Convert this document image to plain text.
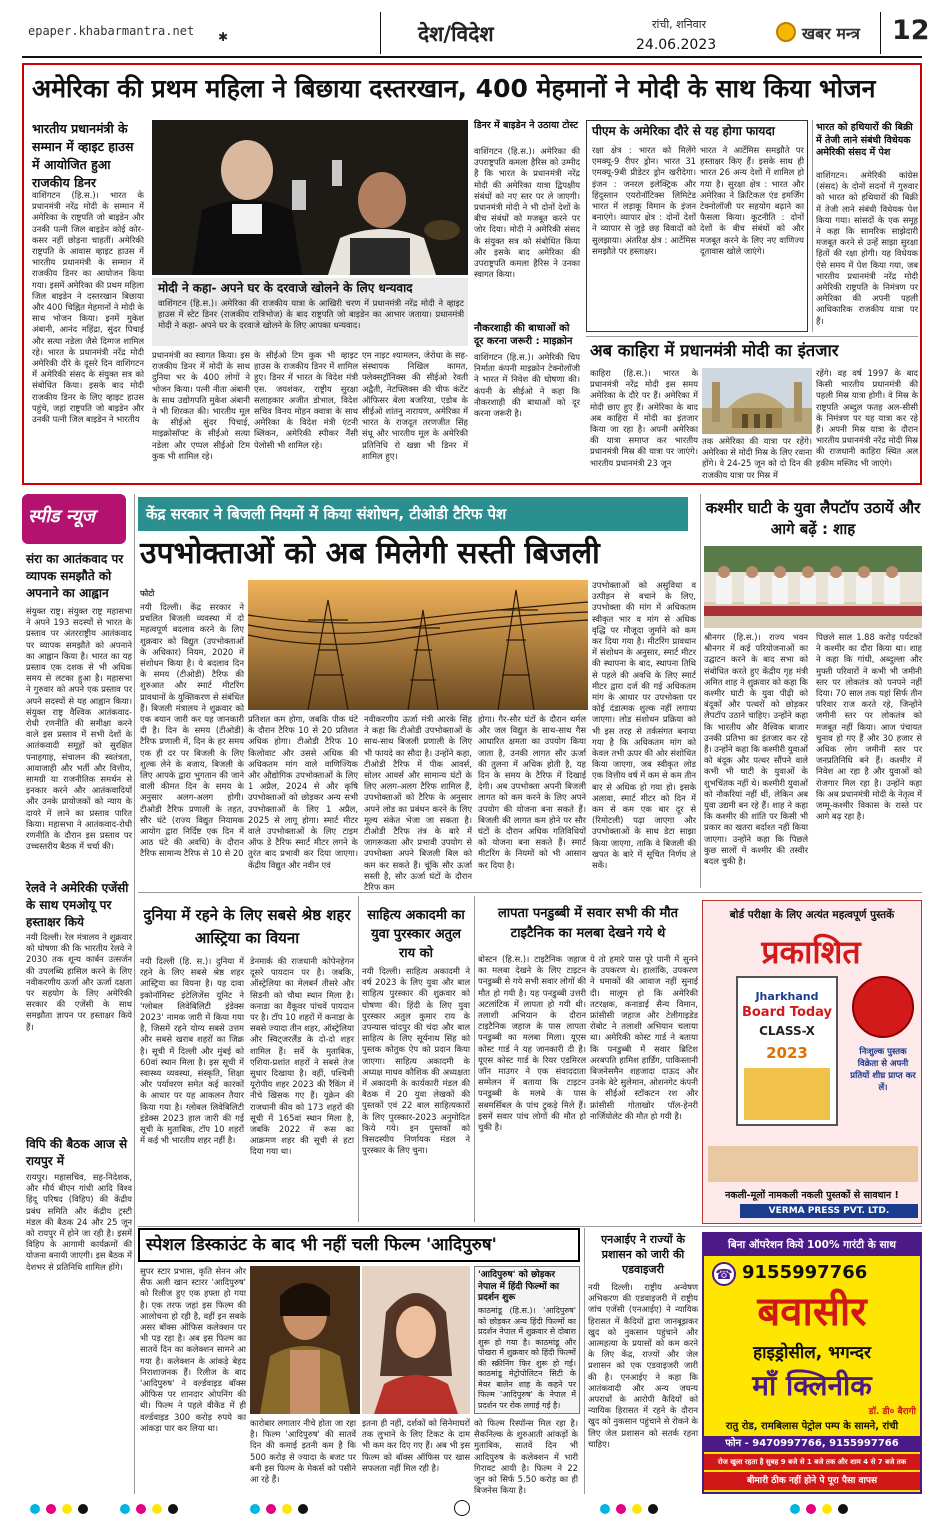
epaper.khabarmantra.net ✱	देश/विदेश	रांची, शनिवार
24.06.2023
खबर मन्त्र 12
अमेरिका की प्रथम महिला ने बिछाया दस्तरखान, 400 मेहमानों ने मोदी के साथ किया भोजन
भारतीय प्रधानमंत्री के सम्मान में व्हाइट हाउस में आयोजित हुआ राजकीय डिनर
वाशिंगटन (हि.स.)। भारत के प्रधानमंत्री नरेंद्र मोदी के सम्मान में अमेरिका के राष्ट्रपति जो बाइडेन और उनकी पत्नी जिल बाइडेन कोई कोर-कसर नहीं छोड़ना चाहतीं। अमेरिकी राष्ट्रपति के आवास व्हाइट हाउस में भारतीय प्रधानमंत्री के सम्मान में राजकीय डिनर का आयोजन किया गया। इसमें अमेरिका की प्रथम महिला जिल बाइडेन ने दस्तरखान बिछाया और 400 चिह्नित मेहमानों ने मोदी के साथ भोजन किया। इनमें मुकेश अंबानी, आनंद महिंद्रा, सुंदर पिचाई और सत्या नडेला जैसे दिग्गज शामिल रहे। भारत के प्रधानमंत्री नरेंद्र मोदी अमेरिकी दौरे के दूसरे दिन वाशिंगटन में अमेरिकी संसद के संयुक्त सत्र को संबोधित किया। इसके बाद मोदी राजकीय डिनर के लिए व्हाइट हाउस पहुंचे, जहां राष्ट्रपति जो बाइडेन और उनकी पत्नी जिल बाइडेन ने भारतीय
मोदी ने कहा- अपने घर के दरवाजे खोलने के लिए धन्यवाद
वाशिंगटन (हि.स.)। अमेरिका की राजकीय यात्रा के आखिरी चरण में प्रधानमंत्री नरेंद्र मोदी ने व्हाइट हाउस में स्टेट डिनर (राजकीय रात्रिभोज) के बाद राष्ट्रपति जो बाइडेन का आभार जताया। प्रधानमंत्री मोदी ने कहा- अपने घर के दरवाजे खोलने के लिए आपका धन्यवाद।
प्रधानमंत्री का स्वागत किया। इस राजकीय डिनर में मोदी के साथ दुनिया भर के 400 लोगों ने भोजन किया। पत्नी नीता अंबानी के साथ उद्योगपति मुकेश अंबानी ने भी शिरकत की। भारतीय मूल के सीईओ सुंदर पिचाई, माइक्रोसॉफ्ट के सीईओ सत्या नडेला और एप्पल सीईओ टिम कुक भी शामिल रहे।
के सीईओ टिम कुक भी व्हाइट हाउस के राजकीय डिनर में शामिल हुए। डिनर में भारत के विदेश मंत्री एस. जयशंकर, राष्ट्रीय सुरक्षा सलाहकार अजीत डोभाल, विदेश सचिव विनय मोहन क्वात्रा के साथ अमेरिका के विदेश मंत्री एंटनी ब्लिंकन, अमेरिकी स्पीकर नैंसी पेलोसी भी शामिल रहे।
एम नाइट श्यामलन, जेरोधा के सह-संस्थापक निखिल कामत, फ्लेक्सट्रॉनिक्स की सीईओ रेवती अद्वैती, नेटफ्लिक्स की चीफ कंटेंट ऑफिसर बेला बजरिया, एडोब के सीईओ शांतनु नारायण, अमेरिका में भारत के राजदूत तरणजीत सिंह संधू और भारतीय मूल के अमेरिकी प्रतिनिधि रो खन्ना भी डिनर में शामिल हुए।
डिनर में बाइडेन ने उठाया टोस्ट
वाशिंगटन (हि.स.)। अमेरिका की उपराष्ट्रपति कमला हैरिस को उम्मीद है कि भारत के प्रधानमंत्री नरेंद्र मोदी की अमेरिका यात्रा द्विपक्षीय संबंधों को नए स्तर पर ले जाएगी। प्रधानमंत्री मोदी ने भी दोनों देशों के बीच संबंधों को मजबूत करने पर जोर दिया। मोदी ने अमेरिकी संसद के संयुक्त सत्र को संबोधित किया और इसके बाद अमेरिका की उपराष्ट्रपति कमला हैरिस ने उनका स्वागत किया।
नौकरशाही की बाधाओं को दूर करना जरूरी : माइक्रोन
वाशिंगटन (हि.स.)। अमेरिकी चिप निर्माता कंपनी माइक्रोन टेक्नोलॉजी ने भारत में निवेश की घोषणा की। कंपनी के सीईओ ने कहा कि नौकरशाही की बाधाओं को दूर करना जरूरी है।
पीएम के अमेरिका दौरे से यह होगा फायदा
रक्षा क्षेत्र : भारत को मिलेंगे एमक्यू-9 रीपर ड्रोन। भारत 31 एमक्यू-9बी प्रीडेटर ड्रोन खरीदेगा। इंजन : जनरल इलेक्ट्रिक और हिंदुस्तान एयरोनॉटिक्स लिमिटेड भारत में लड़ाकू विमान के इंजन बनाएंगे। व्यापार क्षेत्र : दोनों देशों ने व्यापार से जुड़े छह विवादों को सुलझाया। अंतरिक्ष क्षेत्र : आर्टेमिस समझौते पर हस्ताक्षर।
भारत ने आर्टेमिस समझौते पर हस्ताक्षर किए हैं। इसके साथ ही भारत 26 अन्य देशों में शामिल हो गया है। सुरक्षा क्षेत्र : भारत और अमेरिका ने क्रिटिकल एंड इमर्जिंग टेक्नोलॉजी पर सहयोग बढ़ाने का फैसला किया। कूटनीति : दोनों देशों के बीच संबंधों को और मजबूत करने के लिए नए वाणिज्य दूतावास खोले जाएंगे।
भारत को हथियारों की बिक्री में तेजी लाने संबंधी विधेयक अमेरिकी संसद में पेश
वाशिंगटन। अमेरिकी कांग्रेस (संसद) के दोनों सदनों में गुरुवार को भारत को हथियारों की बिक्री में तेजी लाने संबंधी विधेयक पेश किया गया। सांसदों के एक समूह ने कहा कि सामरिक साझेदारी मजबूत करने से उन्हें साझा सुरक्षा हितों की रक्षा होगी। यह विधेयक ऐसे समय में पेश किया गया, जब भारतीय प्रधानमंत्री नरेंद्र मोदी अमेरिकी राष्ट्रपति के निमंत्रण पर अमेरिका की अपनी पहली आधिकारिक राजकीय यात्रा पर हैं।
अब काहिरा में प्रधानमंत्री मोदी का इंतजार
काहिरा (हि.स.)। भारत के प्रधानमंत्री नरेंद्र मोदी इस समय अमेरिका के दौरे पर हैं। अमेरिका में मोदी छाए हुए हैं। अमेरिका के बाद अब काहिरा में मोदी का इंतजार किया जा रहा है। अपनी अमेरिका की यात्रा समाप्त कर भारतीय प्रधानमंत्री मिस्र की यात्रा पर जाएंगे। भारतीय प्रधानमंत्री 23 जून
तक अमेरिका की यात्रा पर रहेंगे। अमेरिका से मोदी मिस्र के लिए रवाना होंगे। वे 24-25 जून को दो दिन की राजकीय यात्रा पर मिस्र में
रहेंगे। वह वर्ष 1997 के बाद किसी भारतीय प्रधानमंत्री की पहली मिस्र यात्रा होगी। वे मिस्र के राष्ट्रपति अब्दुल फतह अल-सीसी के निमंत्रण पर यह यात्रा कर रहे हैं। अपनी मिस्र यात्रा के दौरान भारतीय प्रधानमंत्री नरेंद्र मोदी मिस्र की राजधानी काहिरा स्थित अल हकीम मस्जिद भी जाएंगे।
स्पीड न्यूज
संरा का आतंकवाद पर व्यापक समझौते को अपनाने का आह्वान
संयुक्त राष्ट्र। संयुक्त राष्ट्र महासभा ने अपने 193 सदस्यों से भारत के प्रस्ताव पर अंतरराष्ट्रीय आतंकवाद पर व्यापक समझौते को अपनाने का आह्वान किया है। भारत का यह प्रस्ताव एक दशक से भी अधिक समय से लटका हुआ है। महासभा ने गुरुवार को अपने एक प्रस्ताव पर अपने सदस्यों से यह आह्वान किया। संयुक्त राष्ट्र वैश्विक आतंकवाद-रोधी रणनीति की समीक्षा करने वाले इस प्रस्ताव में सभी देशों के आतंकवादी समूहों को सुरक्षित पनाहगाह, संचालन की स्वतंत्रता, आवाजाही और भर्ती और वित्तीय, सामग्री या राजनीतिक समर्थन से इनकार करने और आतंकवादियों और उनके प्रायोजकों को न्याय के दायरे में लाने का प्रस्ताव पारित किया। महासभा ने आतंकवाद-रोधी रणनीति के दौरान इस प्रस्ताव पर उच्चस्तरीय बैठक में चर्चा की।
रेलवे ने अमेरिकी एजेंसी के साथ एमओयू पर हस्ताक्षर किये
नयी दिल्ली। रेल मंत्रालय ने शुक्रवार को घोषणा की कि भारतीय रेलवे ने 2030 तक शून्य कार्बन उत्सर्जन की उपलब्धि हासिल करने के लिए नवीकरणीय ऊर्जा और ऊर्जा दक्षता पर सहयोग के लिए अमेरिकी सरकार की एजेंसी के साथ समझौता ज्ञापन पर हस्ताक्षर किये हैं।
विपि की बैठक आज से रायपुर में
रायपुर। महासचिव, सह-निदेशक, और मौर्य बीएन गांधी आदि विश्व हिंदू परिषद (विहिप) की केंद्रीय प्रबंध समिति और केंद्रीय ट्रस्टी मंडल की बैठक 24 और 25 जून को रायपुर में होने जा रही है। इसमें विहिप के आगामी कार्यक्रमों की योजना बनायी जाएगी। इस बैठक में देशभर से प्रतिनिधि शामिल होंगे।
केंद्र सरकार ने बिजली नियमों में किया संशोधन, टीओडी टैरिफ पेश
उपभोक्ताओं को अब मिलेगी सस्ती बिजली
फोटो
नयी दिल्ली। केंद्र सरकार ने प्रचलित बिजली व्यवस्था में दो महत्वपूर्ण बदलाव करने के लिए शुक्रवार को विद्युत (उपभोक्ताओं के अधिकार) नियम, 2020 में संशोधन किया है। ये बदलाव दिन के समय (टीओडी) टैरिफ की शुरुआत और स्मार्ट मीटरिंग प्रावधानों के युक्तिकरण से संबंधित हैं। बिजली मंत्रालय ने शुक्रवार को एक बयान जारी कर यह जानकारी दी है। दिन के समय (टीओडी) टैरिफ प्रणाली में, दिन के हर समय एक ही दर पर बिजली के लिए शुल्क लेने के बजाय, बिजली के लिए आपके द्वारा भुगतान की जाने वाली कीमत दिन के समय के अनुसार अलग-अलग होगी। टीओडी टैरिफ प्रणाली के तहत, सौर घंटे (राज्य विद्युत नियामक आयोग द्वारा निर्दिष्ट एक दिन में आठ घंटे की अवधि) के दौरान टैरिफ सामान्य टैरिफ से 10 से 20
प्रतिशत कम होगा, जबकि पीक घंटे के दौरान टैरिफ 10 से 20 प्रतिशत अधिक होगा। टीओडी टैरिफ 10 किलोवाट और उससे अधिक की अधिकतम मांग वाले वाणिज्यिक और औद्योगिक उपभोक्ताओं के लिए 1 अप्रैल, 2024 से और कृषि उपभोक्ताओं को छोड़कर अन्य सभी उपभोक्ताओं के लिए 1 अप्रैल, 2025 से लागू होगा। स्मार्ट मीटर वाले उपभोक्ताओं के लिए टाइम ऑफ डे टैरिफ स्मार्ट मीटर लगने के तुरंत बाद प्रभावी कर दिया जाएगा। केंद्रीय विद्युत और नवीन एवं
नवीकरणीय ऊर्जा मंत्री आरके सिंह ने कहा कि टीओडी उपभोक्ताओं के साथ-साथ बिजली प्रणाली के लिए भी फायदे का सौदा है। उन्होंने कहा, टीओडी टैरिफ में पीक आवर्स, सोलर आवर्स और सामान्य घंटों के लिए अलग-अलग टैरिफ शामिल हैं, उपभोक्ताओं को टैरिफ के अनुसार अपने लोड का प्रबंधन करने के लिए मूल्य संकेत भेजा जा सकता है। टीओडी टैरिफ तंत्र के बारे में जागरूकता और प्रभावी उपयोग से उपभोक्ता अपने बिजली बिल को कम कर सकते हैं। चूंकि सौर ऊर्जा सस्ती है, सौर ऊर्जा घंटों के दौरान टैरिफ कम
होगा। गैर-सौर घंटों के दौरान थर्मल और जल विद्युत के साथ-साथ गैस आधारित क्षमता का उपयोग किया जाता है, उनकी लागत सौर ऊर्जा की तुलना में अधिक होती है, यह दिन के समय के टैरिफ में दिखाई देगी। अब उपभोक्ता अपनी बिजली लागत को कम करने के लिए अपने उपयोग की योजना बना सकते हैं। बिजली की लागत कम होने पर सौर घंटों के दौरान अधिक गतिविधियों को योजना बना सकते हैं। स्मार्ट मीटरिंग के नियमों को भी आसान कर दिया है।
उपभोक्ताओं को असुविधा व उत्पीड़न से बचाने के लिए, उपभोक्ता की मांग में अधिकतम स्वीकृत भार व मांग से अधिक वृद्धि पर मौजूदा जुर्माने को कम कर दिया गया है। मीटरिंग प्रावधान में संशोधन के अनुसार, स्मार्ट मीटर की स्थापना के बाद, स्थापना तिथि से पहले की अवधि के लिए स्मार्ट मीटर द्वारा दर्ज की गई अधिकतम मांग के आधार पर उपभोक्ता पर कोई दंडात्मक शुल्क नहीं लगाया जाएगा। लोड संशोधन प्रक्रिया को भी इस तरह से तर्कसंगत बनाया गया है कि अधिकतम मांग को केवल तभी ऊपर की ओर संशोधित किया जाएगा, जब स्वीकृत लोड एक वित्तीय वर्ष में कम से कम तीन बार से अधिक हो गया हो। इसके अलावा, स्मार्ट मीटर को दिन में कम से कम एक बार दूर से (रिमोटली) पढ़ा जाएगा और उपभोक्ताओं के साथ डेटा साझा किया जाएगा, ताकि वे बिजली की खपत के बारे में सूचित निर्णय ले सकें।
कश्मीर घाटी के युवा लैपटॉप उठायें और आगे बढ़ें : शाह
श्रीनगर (हि.स.)। राज्य भवन श्रीनगर में कई परियोजनाओं का उद्घाटन करने के बाद सभा को संबोधित करते हुए केंद्रीय गृह मंत्री अमित शाह ने शुक्रवार को कहा कि कश्मीर घाटी के युवा पीढ़ी को बंदूकों और पत्थरों को छोड़कर लैपटॉप उठाने चाहिए। उन्होंने कहा कि भारतीय और वैश्विक बाजार उनकी प्रतिभा का इंतजार कर रहे हैं। उन्होंने कहा कि कश्मीरी युवाओं को बंदूक और पत्थर सौंपने वाले कभी भी घाटी के युवाओं के शुभचिंतक नहीं थे। कश्मीरी युवाओं को नौकरियां नहीं थीं, लेकिन अब युवा उद्यमी बन रहे हैं। शाह ने कहा कि कश्मीर की शांति पर किसी भी प्रकार का खतरा बर्दाश्त नहीं किया जाएगा। उन्होंने कहा कि पिछले कुछ सालों में कश्मीर की तस्वीर बदल चुकी है।
पिछले साल 1.88 करोड़ पर्यटकों ने कश्मीर का दौरा किया था। शाह ने कहा कि गांधी, अब्दुल्ला और मुफ्ती परिवारों ने कभी भी जमीनी स्तर पर लोकतंत्र को पनपने नहीं दिया। 70 साल तक यहां सिर्फ तीन परिवार राज करते रहे, जिन्होंने जमीनी स्तर पर लोकतंत्र को मजबूत नहीं किया। आज पंचायत चुनाव हो गए हैं और 30 हजार से अधिक लोग जमीनी स्तर पर जनप्रतिनिधि बने हैं। कश्मीर में निवेश आ रहा है और युवाओं को रोजगार मिल रहा है। उन्होंने कहा कि अब प्रधानमंत्री मोदी के नेतृत्व में जम्मू-कश्मीर विकास के रास्ते पर आगे बढ़ रहा है।
दुनिया में रहने के लिए सबसे श्रेष्ठ शहर आस्ट्रिया का वियना
नयी दिल्ली (हि. स.)। दुनिया में रहने के लिए सबसे श्रेष्ठ शहर आस्ट्रिया का वियना है। यह दावा इकोनॉमिस्ट इंटेलिजेंस यूनिट ने 'ग्लोबल लिवेबिलिटी इंडेक्स 2023' नामक जारी में किया गया है, जिसमें रहने योग्य सबसे उत्तम और सबसे खराब शहरों का जिक्र है। सूची में दिल्ली और मुंबई को 60वां स्थान मिला है। इस सूची में स्वास्थ्य व्यवस्था, संस्कृति, शिक्षा और पर्यावरण समेत कई कारकों के आधार पर यह आकलन तैयार किया गया है। ग्लोबल लिवेबिलिटी इंडेक्स 2023 हाल जारी की गई सूची के मुताबिक, टॉप 10 शहरों में कई भी भारतीय शहर नहीं है।
डेनमार्क की राजधानी कोपेनहेगन दूसरे पायदान पर है। जबकि, ऑस्ट्रेलिया का मेलबर्न तीसरे और सिडनी को चौथा स्थान मिला है। कनाडा का वैंकूवर पांचवें पायदान पर है। टॉप 10 शहरों में कनाडा के सबसे ज्यादा तीन शहर, ऑस्ट्रेलिया और स्विट्जरलैंड के दो-दो शहर शामिल हैं। सर्वे के मुताबिक, एशिया-प्रशांत शहरों ने सबसे तेज सुधार दिखाया है। वहीं, पश्चिमी यूरोपीय शहर 2023 की रैंकिंग में नीचे खिसक गए हैं। यूक्रेन की राजधानी कीव को 173 शहरों की सूची में 165वां स्थान मिला है, जबकि 2022 में रूस का आक्रमण शहर की सूची से हटा दिया गया था।
साहित्य अकादमी का युवा पुरस्कार अतुल राय को
नयी दिल्ली। साहित्य अकादमी ने वर्ष 2023 के लिए युवा और बाल साहित्य पुरस्कार की शुक्रवार को घोषणा की। हिंदी के लिए युवा पुरस्कार अतुल कुमार राय के उपन्यास चांदपुर की चंदा और बाल साहित्य के लिए सूर्यनाथ सिंह को पुस्तक कोतुक ऐप को प्रदान किया जाएगा। साहित्य अकादमी के अध्यक्ष माधव कौशिक की अध्यक्षता में अकादमी के कार्यकारी मंडल की बैठक में 20 युवा लेखकों की पुस्तकों एवं 22 बाल साहित्यकारों के लिए पुरस्कार-2023 अनुमोदित किये गये। इन पुस्तकों को त्रिसदस्यीय निर्णायक मंडल ने पुरस्कार के लिए चुना।
लापता पनडुब्बी में सवार सभी की मौत टाइटैनिक का मलबा देखने गये थे
बोस्टन (हि.स.)। टाइटैनिक जहाज का मलबा देखने के लिए टाइटन पनडुब्बी से गये सभी सवार लोगों की मौत हो गयी है। यह पनडुब्बी उत्तरी अटलांटिक में लापता हो गयी थी। तलाशी अभियान के दौरान टाइटैनिक जहाज के पास लापता पनडुब्बी का मलबा मिला। यूएस कोस्ट गार्ड ने यह जानकारी दी है। यूएस कोस्ट गार्ड के रियर एडमिरल जॉन माउगर ने एक संवाददाता सम्मेलन में बताया कि टाइटन पनडुब्बी के मलबे के पास सबमर्सिबल के पांच टुकड़े मिले हैं। इसमें सवार पांच लोगों की मौत हो चुकी है।
ये तो हमारे पास पूरे पानी में सुनने के उपकरण थे। हालांकि, उपकरण ने धमाकों की आवाज नहीं सुनाई दी। मालूम हो कि अमेरिकी तटरक्षक, कनाडाई सैन्य विमान, फ्रांसीसी जहाज और टेलीगाइडेड रोबोट ने तलाशी अभियान चलाया था। अमेरिकी कोस्ट गार्ड ने बताया कि पनडुब्बी में सवार ब्रिटिश अरबपति हामिश हार्डिंग, पाकिस्तानी बिजनेसमैन शहजादा दाऊद और उनके बेटे सुलेमान, ओशनगेट कंपनी के सीईओ स्टॉकटन रश और फ्रांसीसी गोताखोर पॉल-हेनरी नार्जियोलेट की मौत हो गयी है।
बोर्ड परीक्षा के लिए अत्यंत महत्वपूर्ण पुस्तकें
प्रकाशित
Jharkhand
Board Today
CLASS-X
2023	निःशुल्क पुस्तक विक्रेता से अपनी प्रतियों शीघ्र प्राप्त कर लें।
नकली-मूलों नामकली नकली पुस्तकों से सावधान !
VERMA PRESS PVT. LTD.
स्पेशल डिस्काउंट के बाद भी नहीं चली फिल्म 'आदिपुरुष'
सुपर स्टार प्रभास, कृति सेनन और सैफ अली खान स्टारर 'आदिपुरुष' को रिलीज हुए एक हफ्ता हो गया है। एक तरफ जहां इस फिल्म की आलोचना हो रही है, वहीं इन सबके असर बॉक्स ऑफिस कलेक्शन पर भी पड़ रहा है। अब इस फिल्म का सातवें दिन का कलेक्शन सामने आ गया है। कलेक्शन के आंकड़े बेहद निराशाजनक हैं। रिलीज के बाद 'आदिपुरुष' ने वर्ल्डवाइड बॉक्स ऑफिस पर शानदार ओपनिंग की थी। फिल्म ने पहले वीकेंड में ही वर्ल्डवाइड 300 करोड़ रुपये का आंकड़ा पार कर लिया था।	कारोबार लगातार नीचे होता जा रहा है। फिल्म 'आदिपुरुष' की सातवें दिन की कमाई इतनी कम है कि 500 करोड़ से ज्यादा के बजट पर बनी इस फिल्म के मेकर्स को पसीने आ रहे हैं।
इतना ही नहीं, दर्शकों को सिनेमाघरों तक लुभाने के लिए टिकट के दाम भी कम कर दिए गए हैं। अब भी इस फिल्म को बॉक्स ऑफिस पर खास सफलता नहीं मिल रही है।
को फिल्म रिस्पॉन्स मिल रहा है। सैकनिल्क के शुरुआती आंकड़ों के मुताबिक, सातवें दिन भी आदिपुरुष के कलेक्शन में भारी गिरावट आयी है। फिल्म ने 22 जून को सिर्फ 5.50 करोड़ का ही बिजनेस किया है।
'आदिपुरुष' को छोड़कर नेपाल में हिंदी फिल्मों का प्रदर्शन शुरू
काठमांडू (हि.स.)। 'आदिपुरुष' को छोड़कर अन्य हिंदी फिल्मों का प्रदर्शन नेपाल में शुक्रवार से दोबारा शुरू हो गया है। काठमांडू और पोखरा में शुक्रवार को हिंदी फिल्मों की स्क्रीनिंग फिर शुरू हो गई। काठमांडू मेट्रोपोलिटन सिटी के मेयर बालेन शाह के कहने पर फिल्म 'आदिपुरुष' के नेपाल में प्रदर्शन पर रोक लगाई गई है।
एनआईए ने राज्यों के प्रशासन को जारी की एडवाइजरी
नयी दिल्ली। राष्ट्रीय अन्वेषण अभिकरण की एडवाइजरी में राष्ट्रीय जांच एजेंसी (एनआईए) ने न्यायिक हिरासत में कैदियों द्वारा जानबूझकर खुद को नुकसान पहुंचाने और आत्महत्या के प्रयासों को कम करने के लिए केंद्र, राज्यों और जेल प्रशासन को एक एडवाइजरी जारी की है। एनआईए ने कहा कि आतंकवादी और अन्य जघन्य अपराधों के आरोपी कैदियों को न्यायिक हिरासत में रहने के दौरान खुद को नुकसान पहुंचाने से रोकने के लिए जेल प्रशासन को सतर्क रहना चाहिए।
बिना ऑपरेशन किये 100% गारंटी के साथ
☎ 9155997766
बवासीर
हाइड्रोसील, भगन्दर
माँ क्लिनीक
डॉ. डी० बैरागी
रातु रोड, रामबिलास पेट्रोल पम्प के सामने, रांची
फोन - 9470997766, 9155997766
रोज खुला रहता है सुबह 9 बजे से 1 बजे तक और शाम 4 से 7 बजे तक
बीमारी ठीक नहीं होने पे पूरा पैसा वापस
